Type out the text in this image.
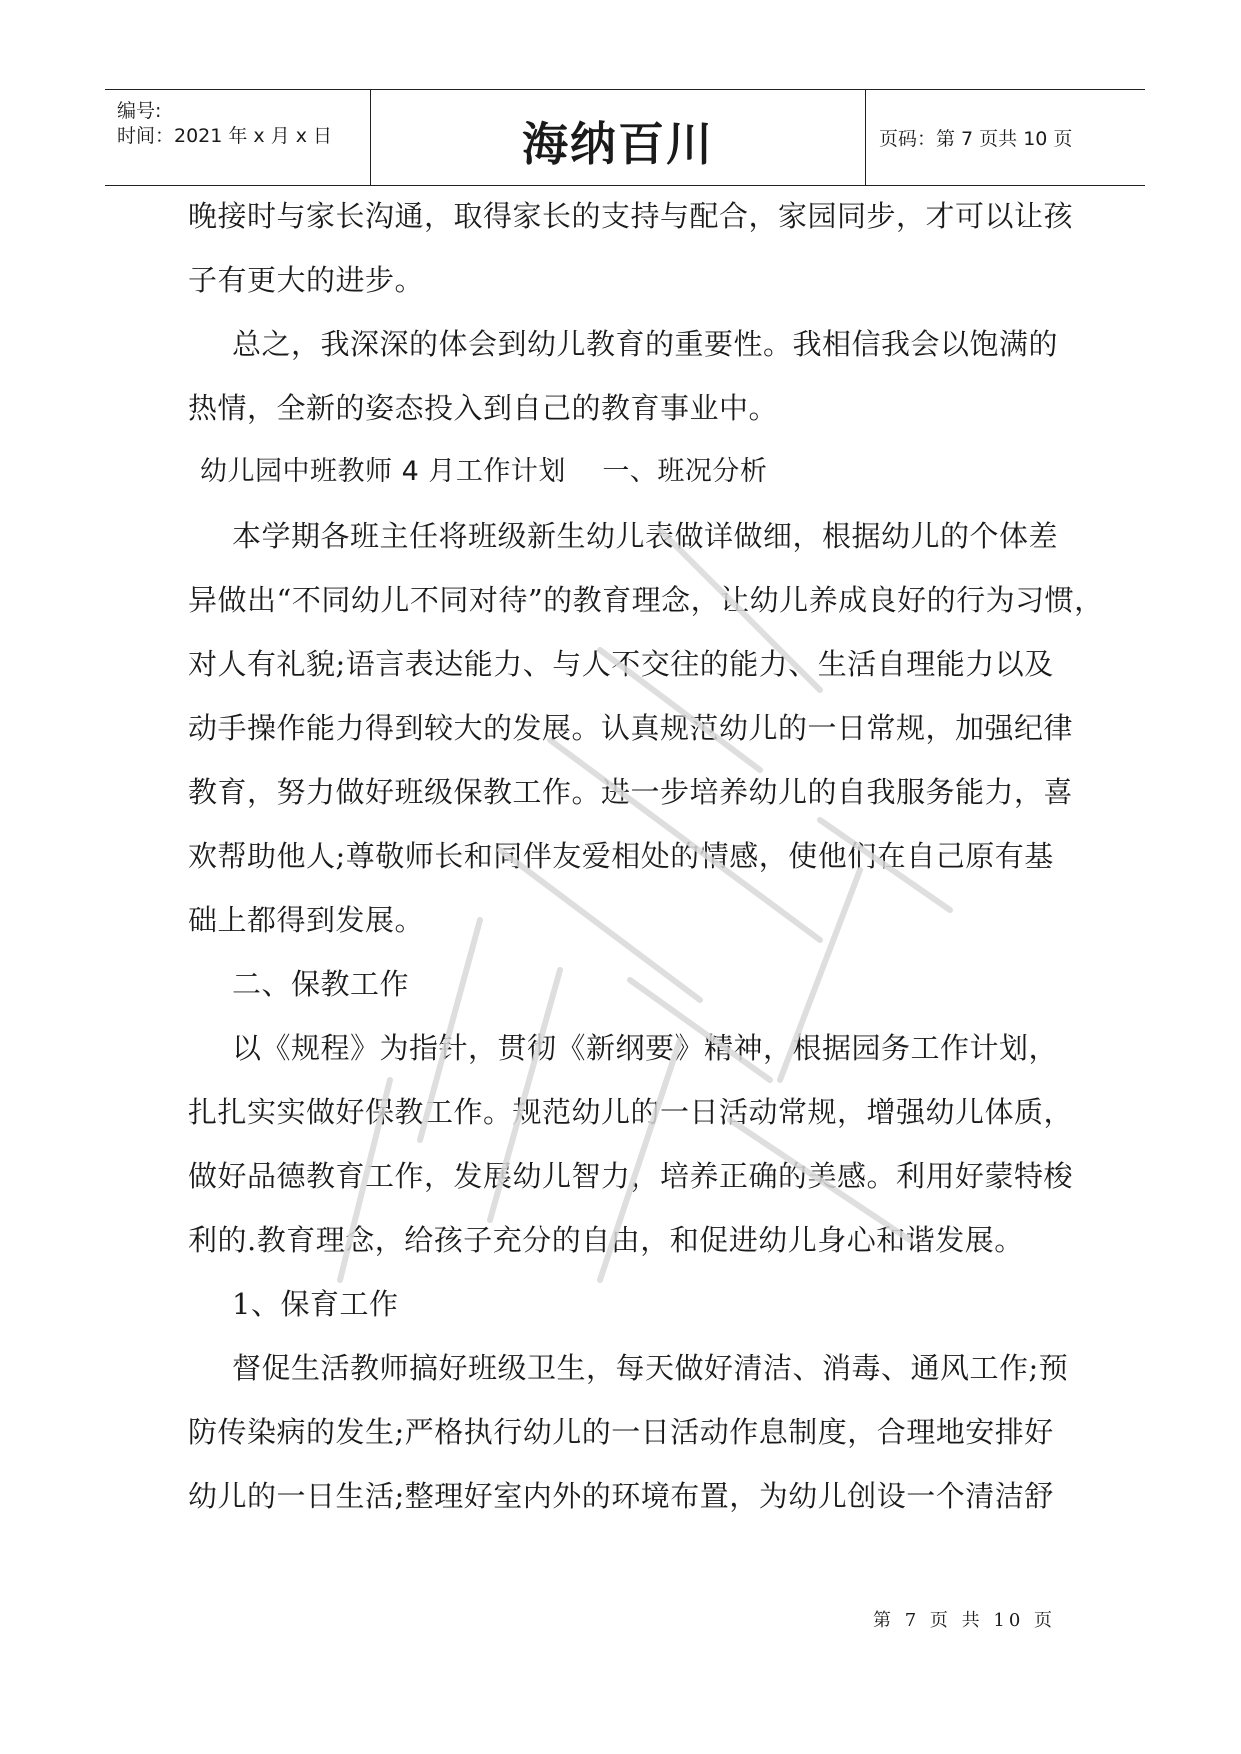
编号:
时间：2021 年 x 月 x 日	海纳百川	页码：第 7 页共 10 页
晚接时与家长沟通，取得家长的支持与配合，家园同步，才可以让孩
子有更大的进步。
总之，我深深的体会到幼儿教育的重要性。我相信我会以饱满的
热情，全新的姿态投入到自己的教育事业中。
幼儿园中班教师 4 月工作计划　 一、班况分析
本学期各班主任将班级新生幼儿表做详做细，根据幼儿的个体差
异做出“不同幼儿不同对待”的教育理念，让幼儿养成良好的行为习惯，
对人有礼貌;语言表达能力、与人不交往的能力、生活自理能力以及
动手操作能力得到较大的发展。认真规范幼儿的一日常规，加强纪律
教育，努力做好班级保教工作。进一步培养幼儿的自我服务能力，喜
欢帮助他人;尊敬师长和同伴友爱相处的情感，使他们在自己原有基
础上都得到发展。
二、保教工作
以《规程》为指针，贯彻《新纲要》精神，根据园务工作计划，
扎扎实实做好保教工作。规范幼儿的一日活动常规，增强幼儿体质，
做好品德教育工作，发展幼儿智力，培养正确的美感。利用好蒙特梭
利的.教育理念，给孩子充分的自由，和促进幼儿身心和谐发展。
1、保育工作
督促生活教师搞好班级卫生，每天做好清洁、消毒、通风工作;预
防传染病的发生;严格执行幼儿的一日活动作息制度，合理地安排好
幼儿的一日生活;整理好室内外的环境布置，为幼儿创设一个清洁舒
第 7 页 共 10 页
